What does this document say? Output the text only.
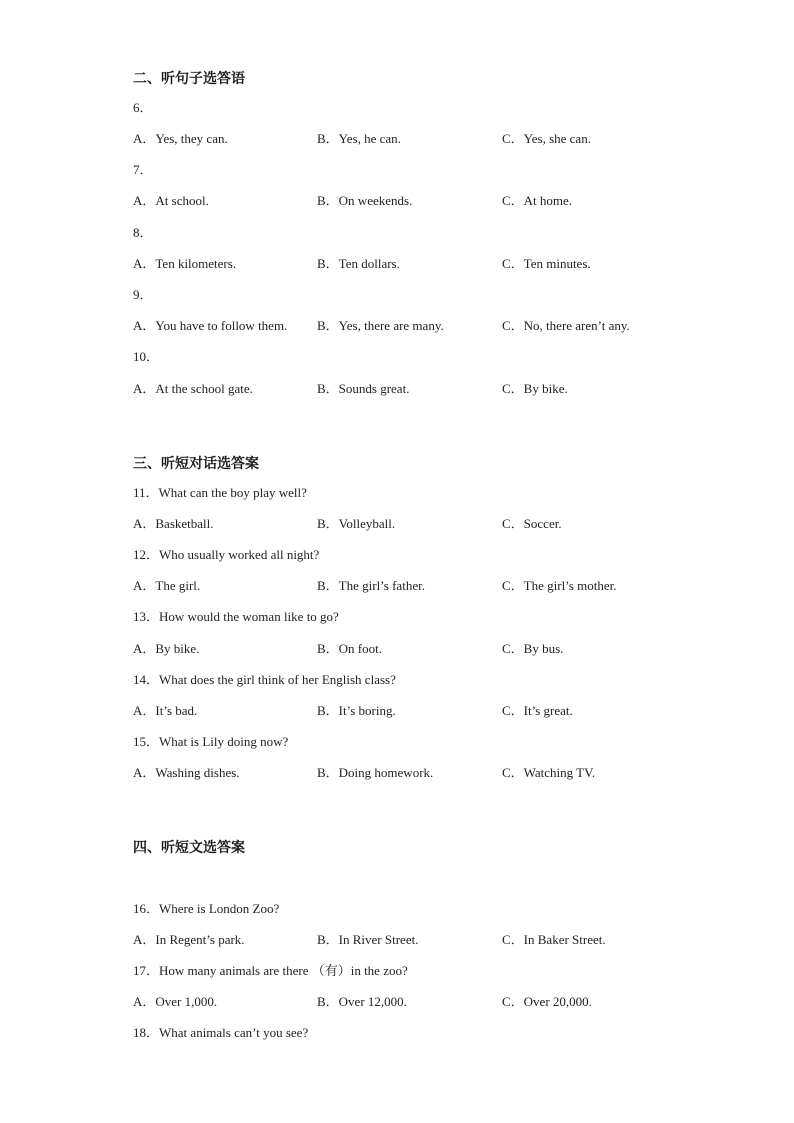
二、听句子选答语
6．
A．Yes, they can.	B．Yes, he can.	C．Yes, she can.
7．
A．At school.	B．On weekends.	C．At home.
8．
A．Ten kilometers.	B．Ten dollars.	C．Ten minutes.
9．
A．You have to follow them. B．Yes, there are many.	C．No, there aren’t any.
10．
A．At the school gate.	B．Sounds great.	C．By bike.
三、听短对话选答案
11．What can the boy play well?
A．Basketball.	B．Volleyball.	C．Soccer.
12．Who usually worked all night?
A．The girl.	B．The girl’s father.	C．The girl’s mother.
13．How would the woman like to go?
A．By bike.	B．On foot.	C．By bus.
14．What does the girl think of her English class?
A．It’s bad.	B．It’s boring.	C．It’s great.
15．What is Lily doing now?
A．Washing dishes.	B．Doing homework.	C．Watching TV.
四、听短文选答案
16．Where is London Zoo?
A．In Regent’s park.	B．In River Street.	C．In Baker Street.
17．How many animals are there （有）in the zoo?
A．Over 1,000.	B．Over 12,000.	C．Over 20,000.
18．What animals can’t you see?
